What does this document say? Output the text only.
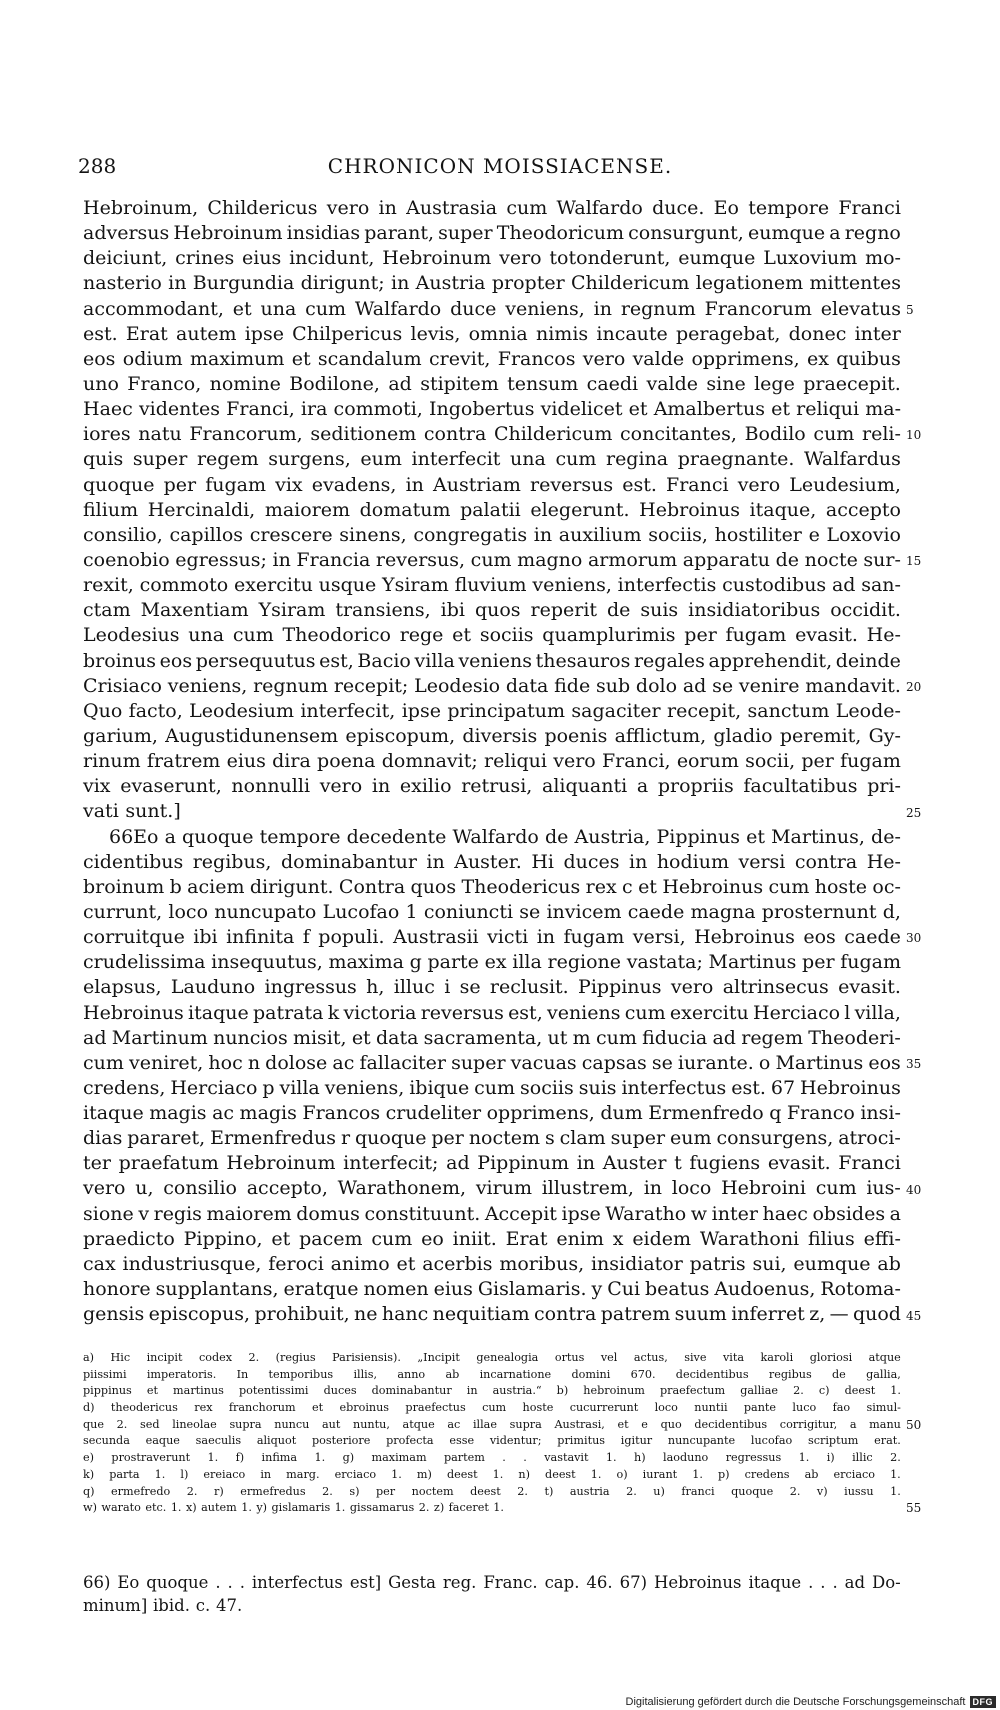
288	CHRONICON MOISSIACENSE.
Hebroinum, Childericus vero in Austrasia cum Walfardo duce. Eo tempore Franci
adversus Hebroinum insidias parant, super Theodoricum consurgunt, eumque a regno
deiciunt, crines eius incidunt, Hebroinum vero totonderunt, eumque Luxovium mo-
nasterio in Burgundia dirigunt; in Austria propter Childericum legationem mittentes
accommodant, et una cum Walfardo duce veniens, in regnum Francorum elevatus
est. Erat autem ipse Chilpericus levis, omnia nimis incaute peragebat, donec inter
eos odium maximum et scandalum crevit, Francos vero valde opprimens, ex quibus
uno Franco, nomine Bodilone, ad stipitem tensum caedi valde sine lege praecepit.
Haec videntes Franci, ira commoti, Ingobertus videlicet et Amalbertus et reliqui ma-
iores natu Francorum, seditionem contra Childericum concitantes, Bodilo cum reli-
quis super regem surgens, eum interfecit una cum regina praegnante. Walfardus
quoque per fugam vix evadens, in Austriam reversus est. Franci vero Leudesium,
filium Hercinaldi, maiorem domatum palatii elegerunt. Hebroinus itaque, accepto
consilio, capillos crescere sinens, congregatis in auxilium sociis, hostiliter e Loxovio
coenobio egressus; in Francia reversus, cum magno armorum apparatu de nocte sur-
rexit, commoto exercitu usque Ysiram fluvium veniens, interfectis custodibus ad san-
ctam Maxentiam Ysiram transiens, ibi quos reperit de suis insidiatoribus occidit.
Leodesius una cum Theodorico rege et sociis quamplurimis per fugam evasit. He-
broinus eos persequutus est, Bacio villa veniens thesauros regales apprehendit, deinde
Crisiaco veniens, regnum recepit; Leodesio data fide sub dolo ad se venire mandavit.
Quo facto, Leodesium interfecit, ipse principatum sagaciter recepit, sanctum Leode-
garium, Augustidunensem episcopum, diversis poenis afflictum, gladio peremit, Gy-
rinum fratrem eius dira poena domnavit; reliqui vero Franci, eorum socii, per fugam
vix evaserunt, nonnulli vero in exilio retrusi, aliquanti a propriis facultatibus pri-
vati sunt.]
66Eo a quoque tempore decedente Walfardo de Austria, Pippinus et Martinus, de-
cidentibus regibus, dominabantur in Auster. Hi duces in hodium versi contra He-
broinum b aciem dirigunt. Contra quos Theodericus rex c et Hebroinus cum hoste oc-
currunt, loco nuncupato Lucofao 1 coniuncti se invicem caede magna prosternunt d,
corruitque ibi infinita f populi. Austrasii victi in fugam versi, Hebroinus eos caede
crudelissima insequutus, maxima g parte ex illa regione vastata; Martinus per fugam
elapsus, Lauduno ingressus h, illuc i se reclusit. Pippinus vero altrinsecus evasit.
Hebroinus itaque patrata k victoria reversus est, veniens cum exercitu Herciaco l villa,
ad Martinum nuncios misit, et data sacramenta, ut m cum fiducia ad regem Theoderi-
cum veniret, hoc n dolose ac fallaciter super vacuas capsas se iurante. o Martinus eos
credens, Herciaco p villa veniens, ibique cum sociis suis interfectus est. 67 Hebroinus
itaque magis ac magis Francos crudeliter opprimens, dum Ermenfredo q Franco insi-
dias pararet, Ermenfredus r quoque per noctem s clam super eum consurgens, atroci-
ter praefatum Hebroinum interfecit; ad Pippinum in Auster t fugiens evasit. Franci
vero u, consilio accepto, Warathonem, virum illustrem, in loco Hebroini cum ius-
sione v regis maiorem domus constituunt. Accepit ipse Waratho w inter haec obsides a
praedicto Pippino, et pacem cum eo iniit. Erat enim x eidem Warathoni filius effi-
cax industriusque, feroci animo et acerbis moribus, insidiator patris sui, eumque ab
honore supplantans, eratque nomen eius Gislamaris. y Cui beatus Audoenus, Rotoma-
gensis episcopus, prohibuit, ne hanc nequitiam contra patrem suum inferret z, — quod
5
10
15
20
25
30
35
40
45
a) Hic incipit codex 2. (regius Parisiensis). „Incipit genealogia ortus vel actus, sive vita karoli gloriosi atque
piissimi imperatoris. In temporibus illis, anno ab incarnatione domini 670. decidentibus regibus de gallia,
pippinus et martinus potentissimi duces dominabantur in austria.“ b) hebroinum praefectum galliae 2. c) deest 1.
d) theodericus rex franchorum et ebroinus praefectus cum hoste cucurrerunt loco nuntii pante luco fao simul-
que 2. sed lineolae supra nuncu aut nuntu, atque ac illae supra Austrasi, et e quo decidentibus corrigitur, a manu
secunda eaque saeculis aliquot posteriore profecta esse videntur; primitus igitur nuncupante lucofao scriptum erat.
e) prostraverunt 1. f) infima 1. g) maximam partem . . vastavit 1. h) laoduno regressus 1. i) illic 2.
k) parta 1. l) ereiaco in marg. erciaco 1. m) deest 1. n) deest 1. o) iurant 1. p) credens ab erciaco 1.
q) ermefredo 2. r) ermefredus 2. s) per noctem deest 2. t) austria 2. u) franci quoque 2. v) iussu 1.
w) warato etc. 1. x) autem 1. y) gislamaris 1. gissamarus 2. z) faceret 1.
50
55
66) Eo quoque . . . interfectus est] Gesta reg. Franc. cap. 46. 67) Hebroinus itaque . . . ad Do-
minum] ibid. c. 47.
Digitalisierung gefördert durch die Deutsche Forschungsgemeinschaft DFG
